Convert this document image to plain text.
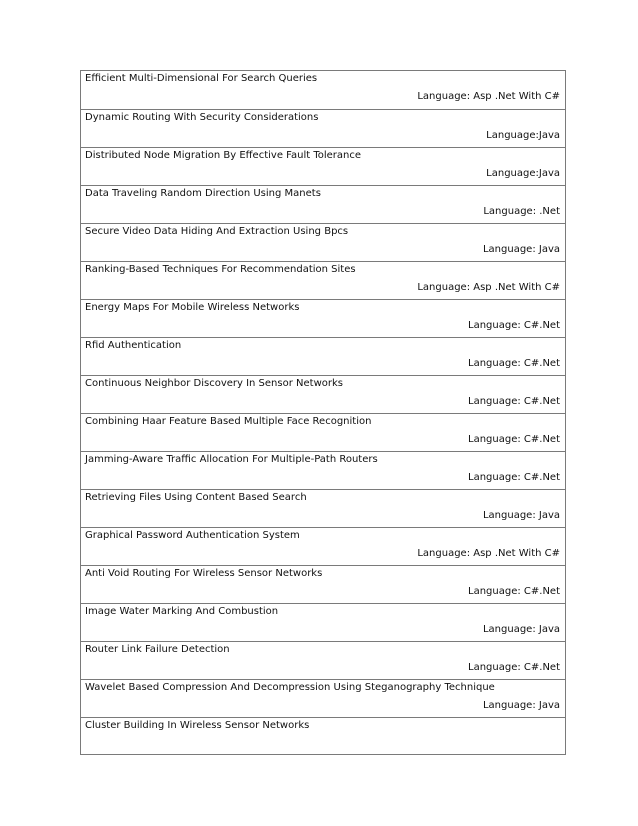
Efficient Multi-Dimensional For Search Queries
Language: Asp .Net With C#
Dynamic Routing With Security Considerations
Language:Java
Distributed Node Migration By Effective Fault Tolerance
Language:Java
Data Traveling Random Direction Using Manets
Language: .Net
Secure Video Data Hiding And Extraction Using Bpcs
Language: Java
Ranking-Based Techniques For Recommendation Sites
Language: Asp .Net With C#
Energy Maps For Mobile Wireless Networks
Language: C#.Net
Rfid Authentication
Language: C#.Net
Continuous Neighbor Discovery In Sensor Networks
Language: C#.Net
Combining Haar Feature Based Multiple Face Recognition
Language: C#.Net
Jamming-Aware Traffic Allocation For Multiple-Path Routers
Language: C#.Net
Retrieving Files Using Content Based Search
Language: Java
Graphical Password Authentication System
Language: Asp .Net With C#
Anti Void Routing For Wireless Sensor Networks
Language: C#.Net
Image Water Marking And Combustion
Language: Java
Router Link Failure Detection
Language: C#.Net
Wavelet Based Compression And Decompression Using Steganography Technique
Language: Java
Cluster Building In Wireless Sensor Networks
